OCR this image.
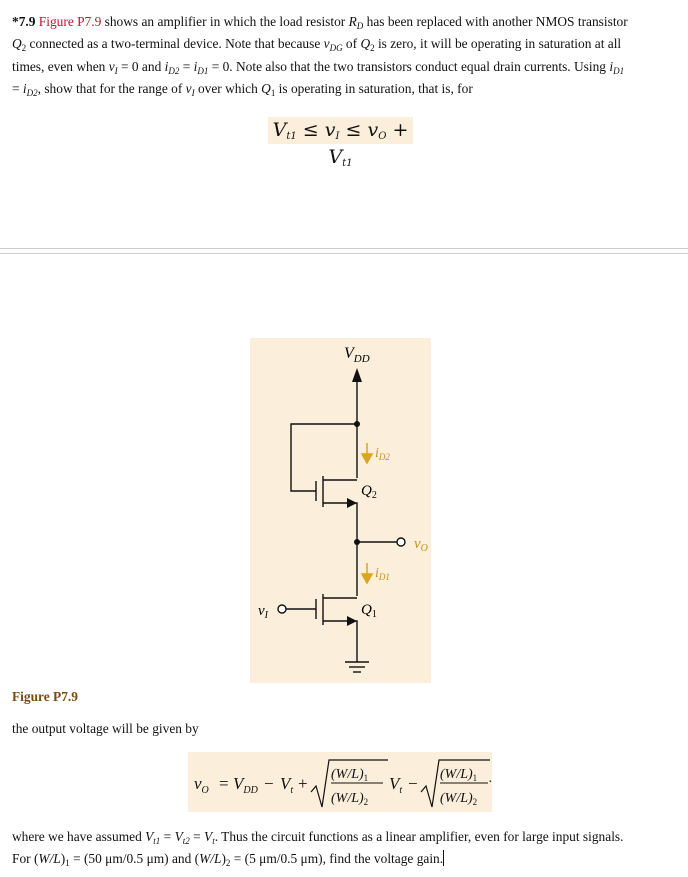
*7.9 Figure P7.9 shows an amplifier in which the load resistor $R_D$ has been replaced with another NMOS transistor
$Q_2$ connected as a two-terminal device. Note that because $v_{DG}$ of $Q_2$ is zero, it will be operating in saturation at all
times, even when $v_I = 0$ and $i_{D2} = i_{D1} = 0$. Note also that the two transistors conduct equal drain currents. Using $i_{D1}$
= $i_{D2}$, show that for the range of $v_I$ over which $Q_1$ is operating in saturation, that is, for
$V_{t1} \le v_I \le v_O + V_{t1}$
$V_{DD}$
$i_{D2}$
$Q_2$
$v_O$
$i_{D1}$
$Q_1$
$v_I$
Figure P7.9
the output voltage will be given by
$v_O = V_{DD} - V_t + (W/L)_1$
$(W/L)_2$
$V_t - (W/L)_1$
$(W/L)_2$
·
where we have assumed $V_{t1} = V_{t2} = V_t$. Thus the circuit functions as a linear amplifier, even for large input signals.
For $(W/L)_1 = (50$ μm/0.5 μm) and $(W/L)_2 = (5$ μm/0.5 μm), find the voltage gain.
